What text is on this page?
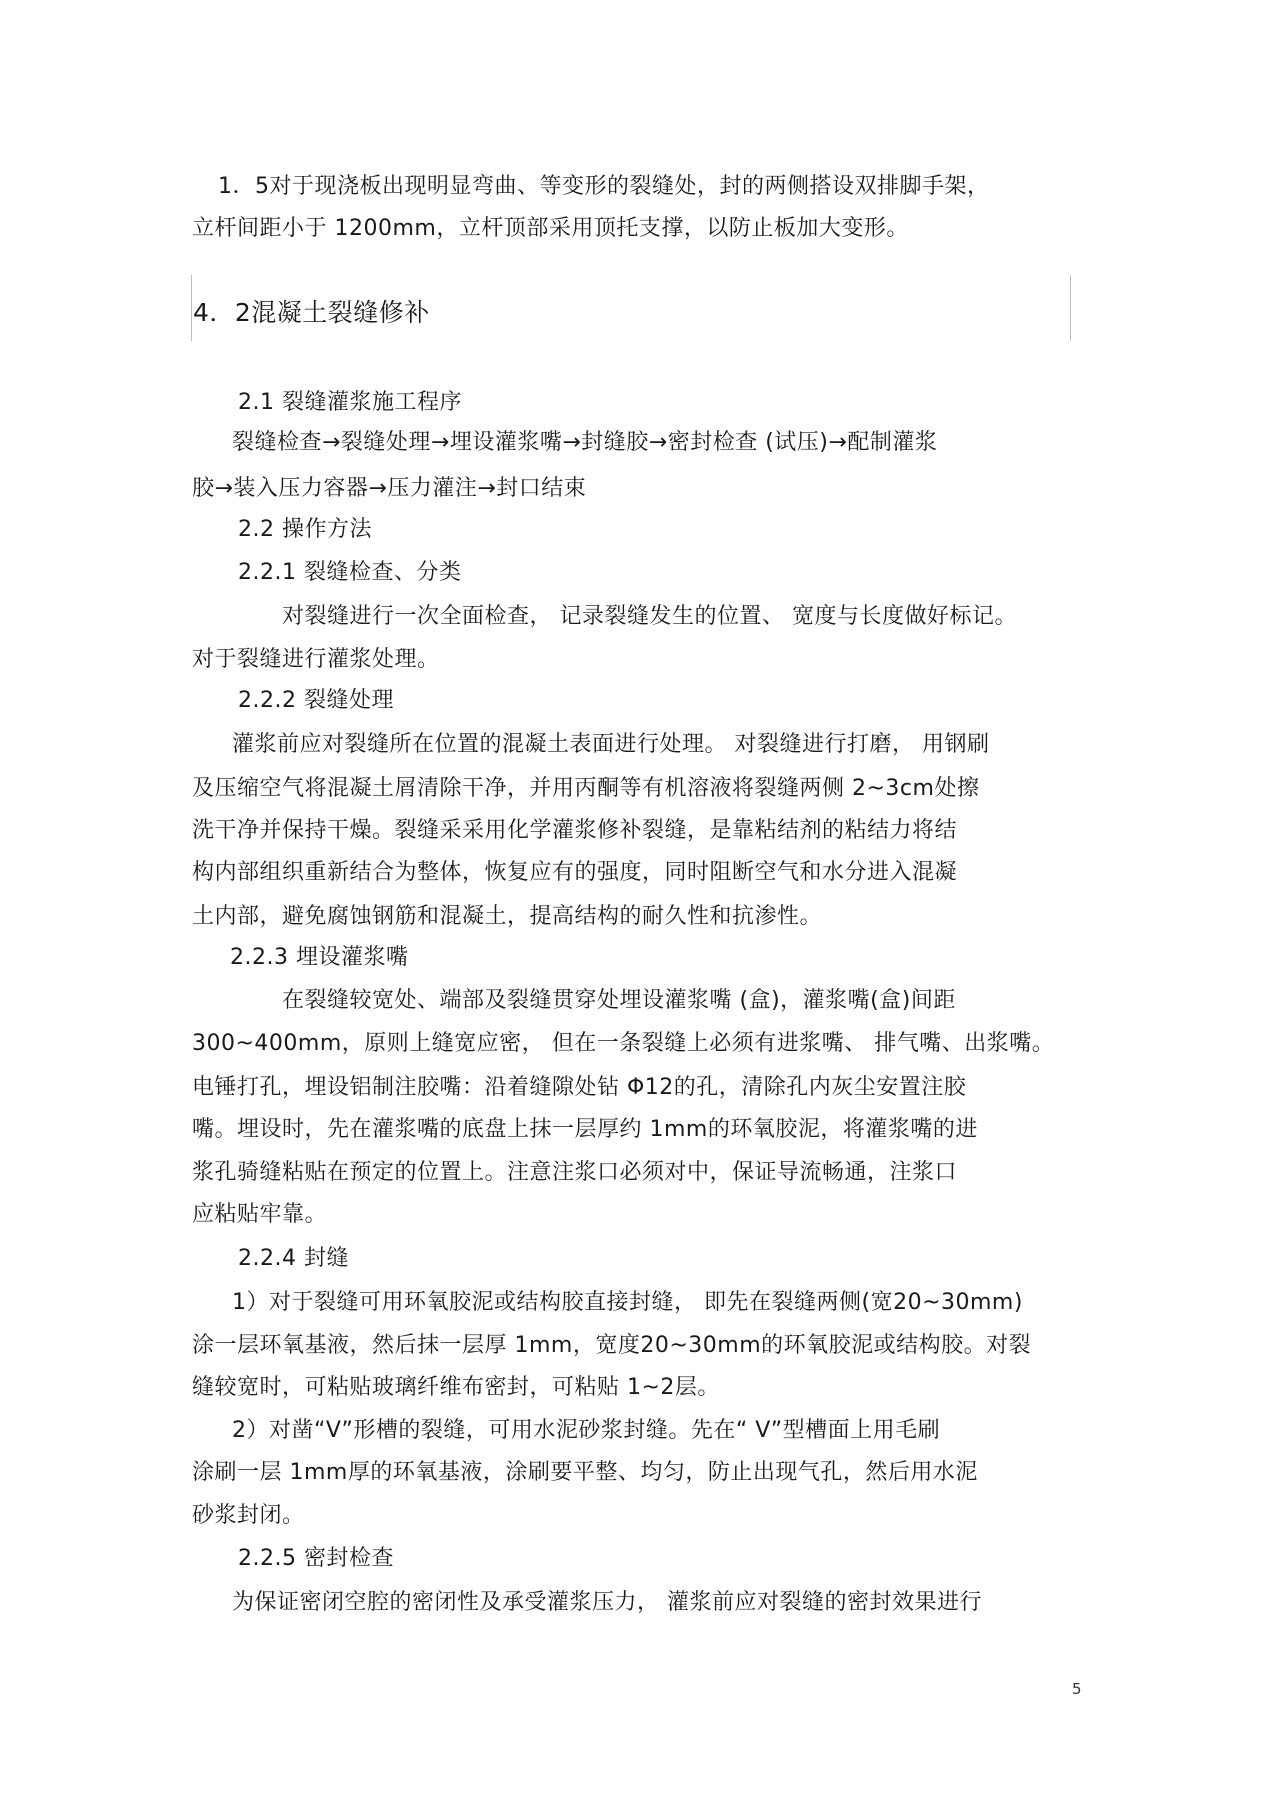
1．5对于现浇板出现明显弯曲、等变形的裂缝处，封的两侧搭设双排脚手架，
立杆间距小于 1200mm，立杆顶部采用顶托支撑，以防止板加大变形。
4．2混凝土裂缝修补
2.1 裂缝灌浆施工程序
裂缝检查→裂缝处理→埋设灌浆嘴→封缝胶→密封检查 (试压)→配制灌浆
胶→装入压力容器→压力灌注→封口结束
2.2 操作方法
2.2.1 裂缝检查、分类
对裂缝进行一次全面检查， 记录裂缝发生的位置、 宽度与长度做好标记。
对于裂缝进行灌浆处理。
2.2.2 裂缝处理
灌浆前应对裂缝所在位置的混凝土表面进行处理。 对裂缝进行打磨， 用钢刷
及压缩空气将混凝土屑清除干净，并用丙酮等有机溶液将裂缝两侧 2~3cm处擦
洗干净并保持干燥。裂缝采采用化学灌浆修补裂缝，是靠粘结剂的粘结力将结
构内部组织重新结合为整体，恢复应有的强度，同时阻断空气和水分进入混凝
土内部，避免腐蚀钢筋和混凝土，提高结构的耐久性和抗渗性。
2.2.3 埋设灌浆嘴
在裂缝较宽处、端部及裂缝贯穿处埋设灌浆嘴 (盒)，灌浆嘴(盒)间距
300~400mm，原则上缝宽应密， 但在一条裂缝上必须有进浆嘴、 排气嘴、出浆嘴。
电锤打孔，埋设铝制注胶嘴：沿着缝隙处钻 Φ12的孔，清除孔内灰尘安置注胶
嘴。埋设时，先在灌浆嘴的底盘上抹一层厚约 1mm的环氧胶泥，将灌浆嘴的进
浆孔骑缝粘贴在预定的位置上。注意注浆口必须对中，保证导流畅通，注浆口
应粘贴牢靠。
2.2.4 封缝
1）对于裂缝可用环氧胶泥或结构胶直接封缝， 即先在裂缝两侧(宽20~30mm)
涂一层环氧基液，然后抹一层厚 1mm，宽度20~30mm的环氧胶泥或结构胶。对裂
缝较宽时，可粘贴玻璃纤维布密封，可粘贴 1~2层。
2）对凿“V”形槽的裂缝，可用水泥砂浆封缝。先在“ V”型槽面上用毛刷
涂刷一层 1mm厚的环氧基液，涂刷要平整、均匀，防止出现气孔，然后用水泥
砂浆封闭。
2.2.5 密封检查
为保证密闭空腔的密闭性及承受灌浆压力， 灌浆前应对裂缝的密封效果进行
5
